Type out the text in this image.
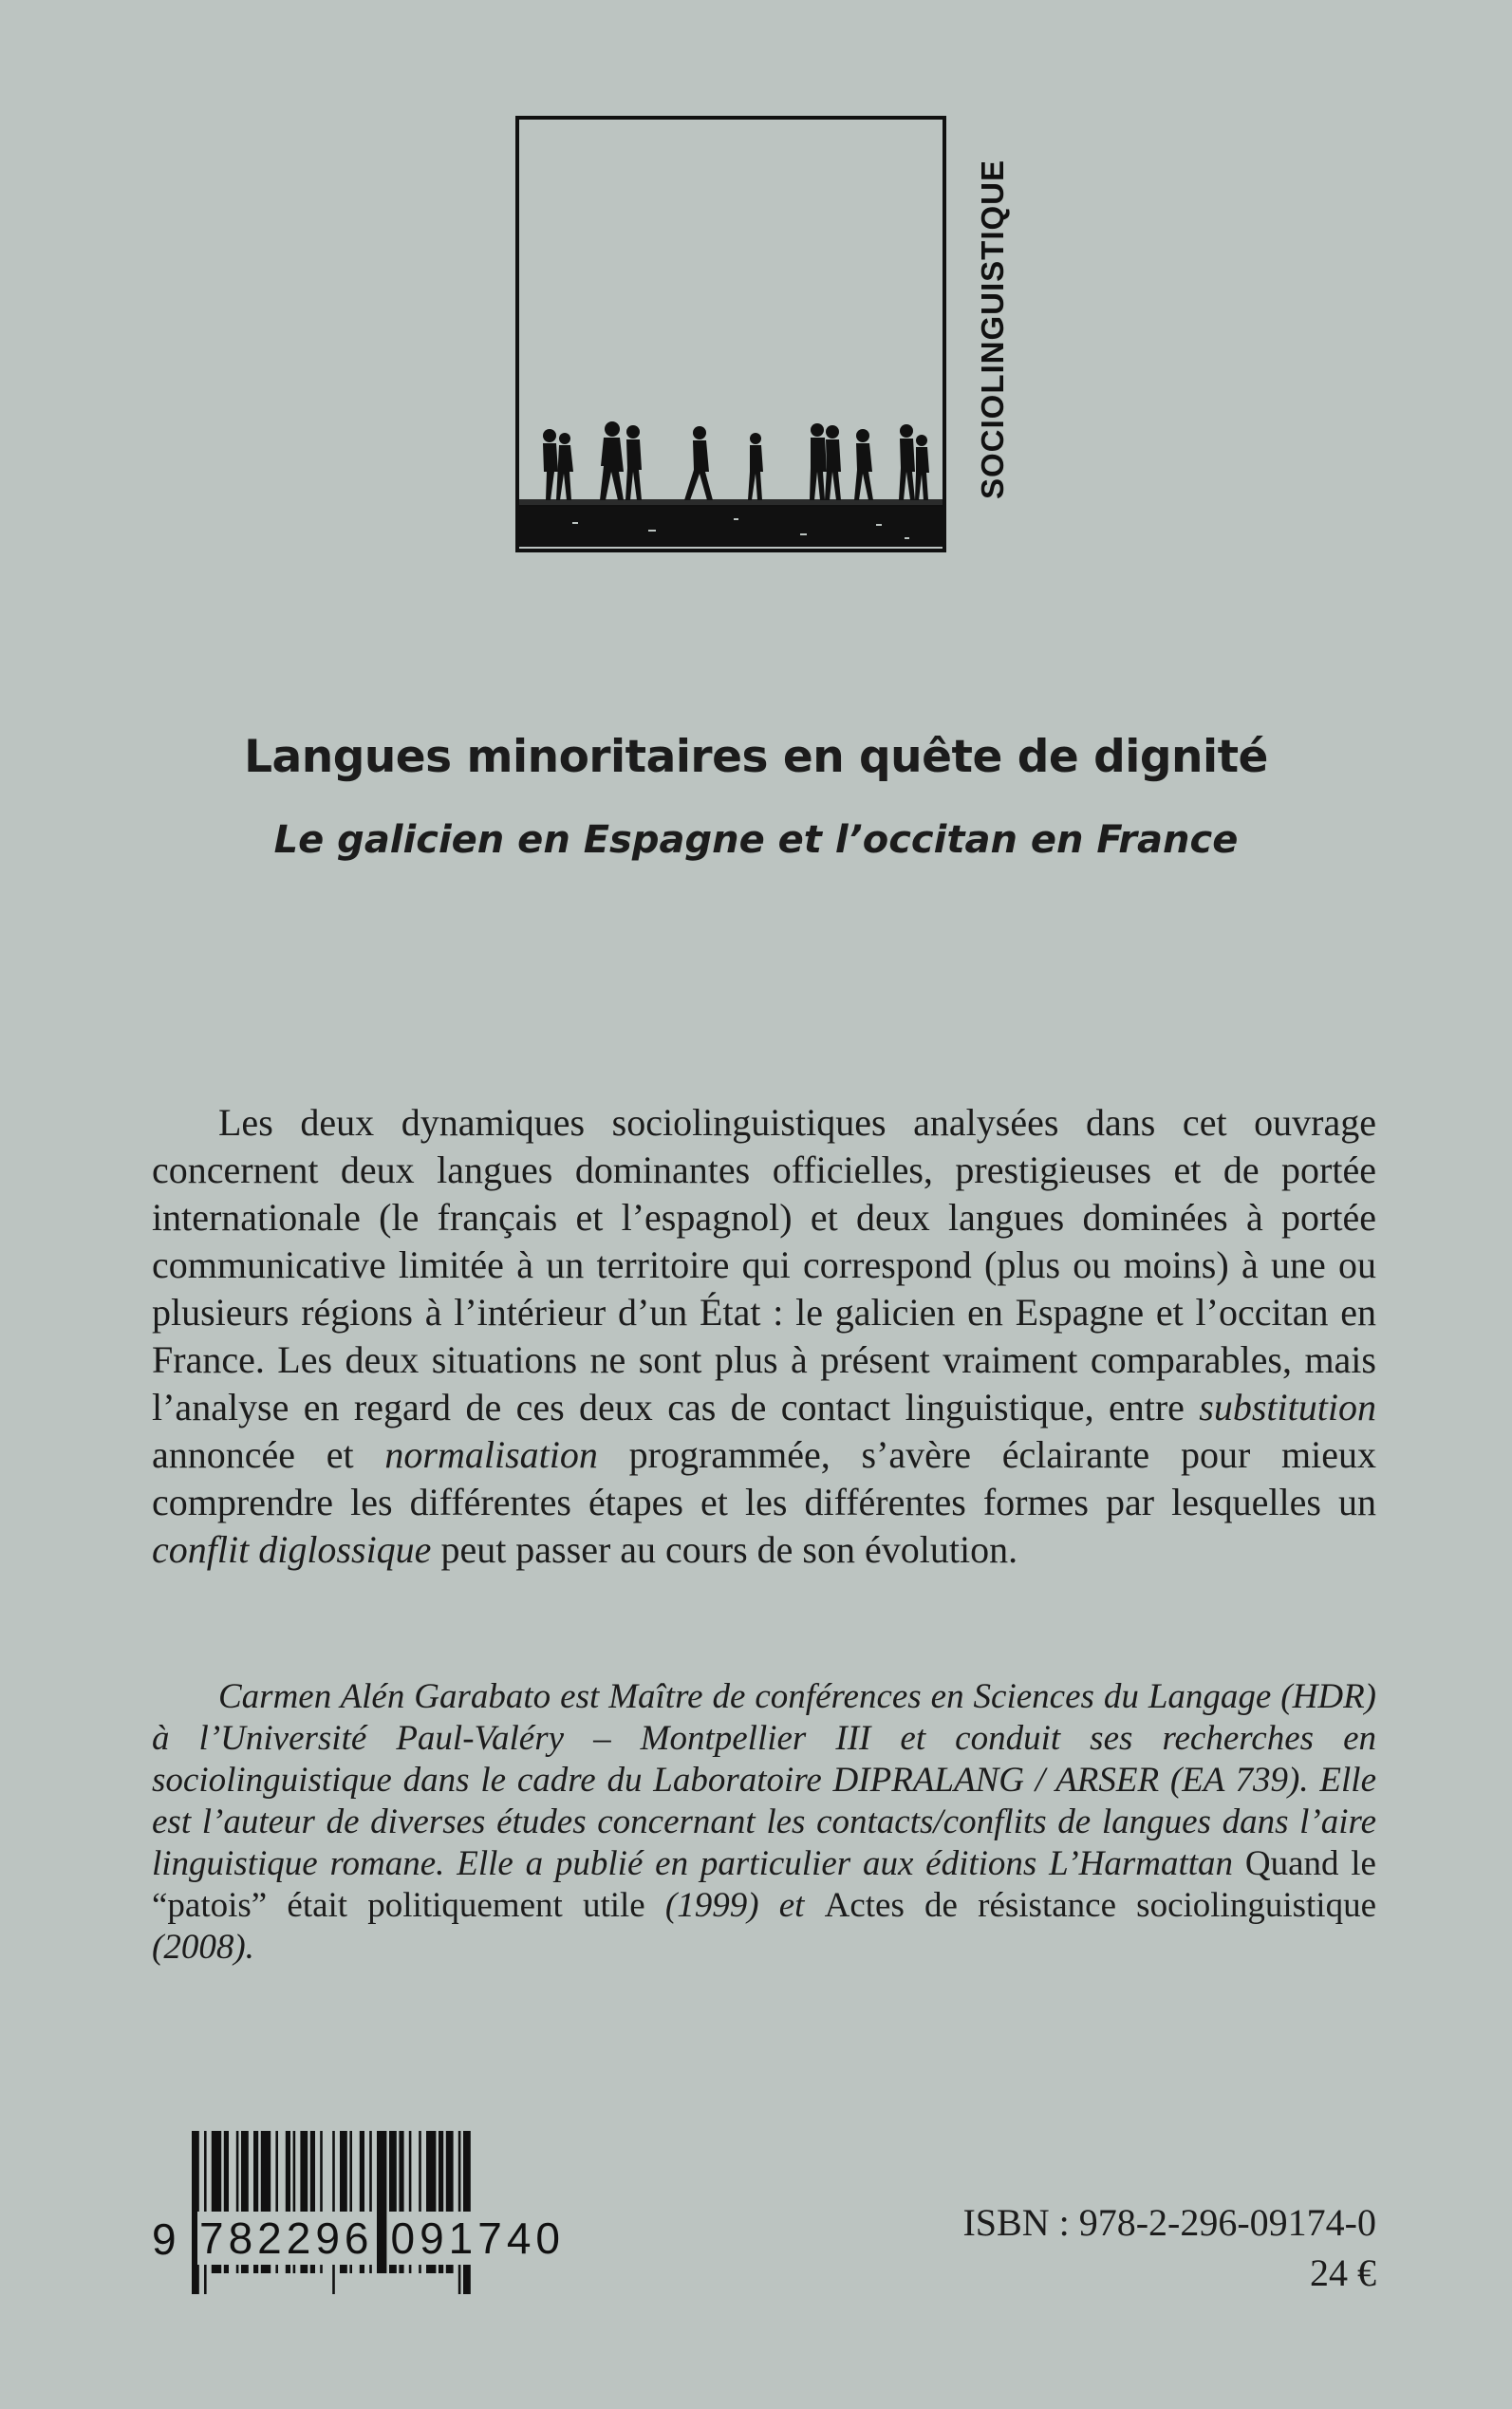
SOCIOLINGUISTIQUE
Langues minoritaires en quête de dignité
Le galicien en Espagne et l’occitan en France

Les deux dynamiques sociolinguistiques analysées dans cet ouvrage concernent deux langues dominantes officielles, prestigieuses et de portée internationale (le français et l’espagnol) et deux langues dominées à portée communicative limitée à un territoire qui correspond (plus ou moins) à une ou plusieurs régions à l’intérieur d’un État : le galicien en Espagne et l’occitan en France. Les deux situations ne sont plus à présent vraiment comparables, mais l’analyse en regard de ces deux cas de contact linguistique, entre substitution annoncée et normalisation programmée, s’avère éclairante pour mieux comprendre les différentes étapes et les différentes formes par lesquelles un conflit diglossique peut passer au cours de son évolution.

Carmen Alén Garabato est Maître de conférences en Sciences du Langage (HDR) à l’Université Paul-Valéry – Montpellier III et conduit ses recherches en sociolinguistique dans le cadre du Laboratoire DIPRALANG / ARSER (EA 739). Elle est l’auteur de diverses études concernant les contacts/conflits de langues dans l’aire linguistique romane. Elle a publié en particulier aux éditions L’Harmattan Quand le “patois” était politiquement utile (1999) et Actes de résistance sociolinguistique (2008).

9 782296 091740	ISBN : 978-2-296-09174-0

24 €
